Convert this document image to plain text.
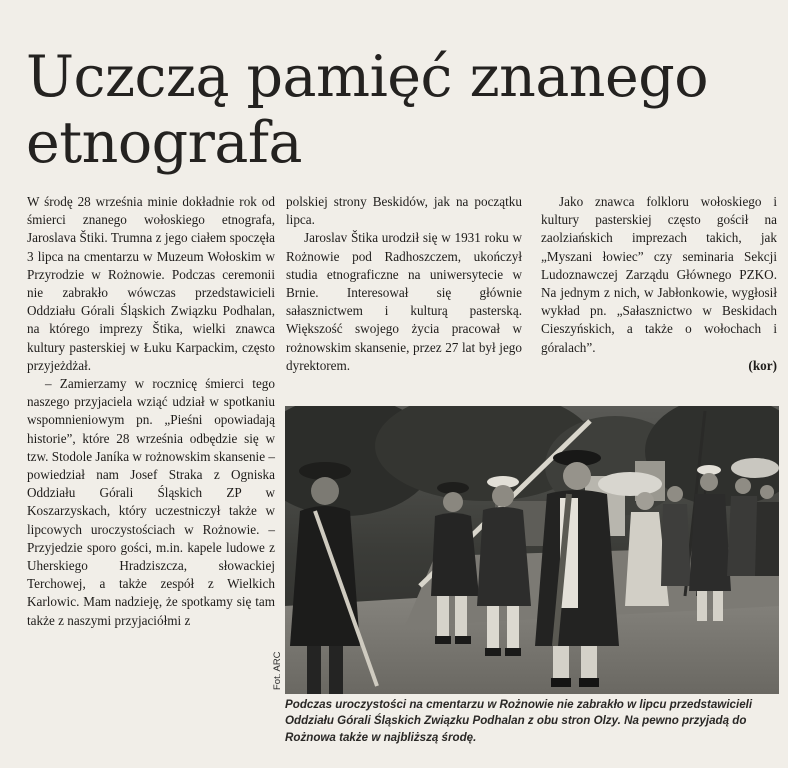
Uczczą pamięć znanego etnografa

W środę 28 września minie dokładnie rok od śmierci znanego wołoskiego etnografa, Jaroslava Štiki. Trumna z jego ciałem spoczęła 3 lipca na cmentarzu w Muzeum Wołoskim w Przyrodzie w Rożnowie. Podczas ceremonii nie zabrakło wówczas przedstawicieli Oddziału Górali Śląskich Związku Podhalan, na którego imprezy Štika, wielki znawca kultury pasterskiej w Łuku Karpackim, często przyjeżdżał.

– Zamierzamy w rocznicę śmierci tego naszego przyjaciela wziąć udział w spotkaniu wspomnieniowym pn. „Pieśni opowiadają historie”, które 28 września odbędzie się w tzw. Stodole Janíka w rożnowskim skansenie – powiedział nam Josef Straka z Ogniska Oddziału Górali Śląskich ZP w Koszarzyskach, który uczestniczył także w lipcowych uroczystościach w Rożnowie. – Przyjedzie sporo gości, m.in. kapele ludowe z Uherskiego Hradziszcza, słowackiej Terchowej, a także zespół z Wielkich Karlowic. Mam nadzieję, że spotkamy się tam także z naszymi przyjaciółmi z

polskiej strony Beskidów, jak na początku lipca.

Jaroslav Štika urodził się w 1931 roku w Rożnowie pod Radhoszczem, ukończył studia etnograficzne na uniwersytecie w Brnie. Interesował się głównie sałasznictwem i kulturą pasterską. Większość swojego życia pracował w rożnowskim skansenie, przez 27 lat był jego dyrektorem.

Jako znawca folkloru wołoskiego i kultury pasterskiej często gościł na zaolziańskich imprezach takich, jak „Myszani łowiec” czy seminaria Sekcji Ludoznawczej Zarządu Głównego PZKO. Na jednym z nich, w Jabłonkowie, wygłosił wykład pn. „Sałasznictwo w Beskidach Cieszyńskich, a także o wołochach i góralach”.

(kor)
Fot. ARC
Podczas uroczystości na cmentarzu w Rożnowie nie zabrakło w lipcu przedstawicieli Oddziału Górali Śląskich Związku Podhalan z obu stron Olzy. Na pewno przyjadą do Rożnowa także w najbliższą środę.
